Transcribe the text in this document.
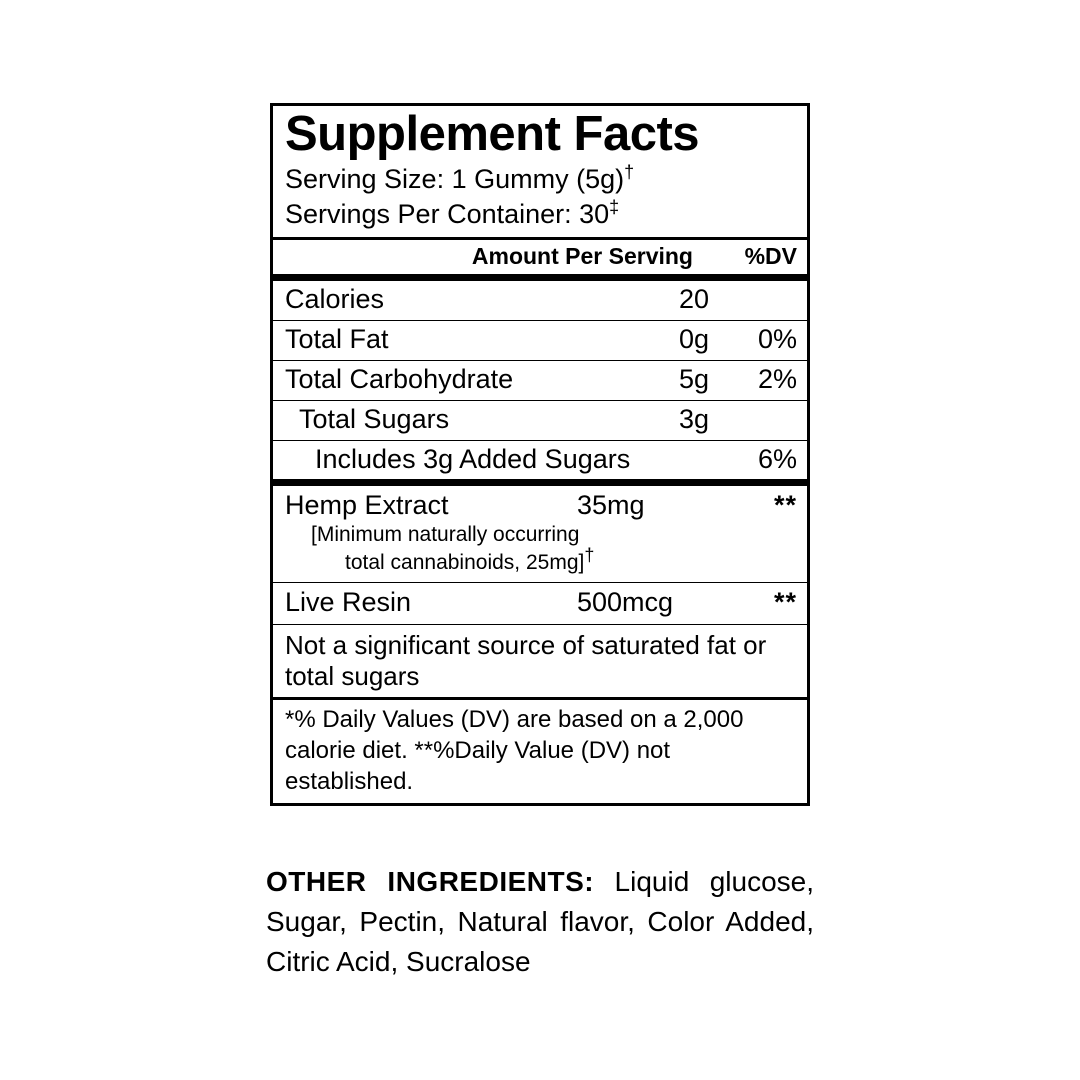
Supplement Facts
Serving Size: 1 Gummy (5g)†
Servings Per Container: 30‡
Amount Per Serving	%DV
Calories	20
Total Fat	0g	0%
Total Carbohydrate	5g	2%
Total Sugars	3g
Includes 3g Added Sugars	6%
Hemp Extract	35mg	**
[Minimum naturally occurring
total cannabinoids, 25mg]†
Live Resin	500mcg	**
Not a significant source of saturated fat or total sugars
*% Daily Values (DV) are based on a 2,000 calorie diet. **%Daily Value (DV) not established.
OTHER INGREDIENTS: Liquid glucose, Sugar, Pectin, Natural flavor, Color Added, Citric Acid, Sucralose
